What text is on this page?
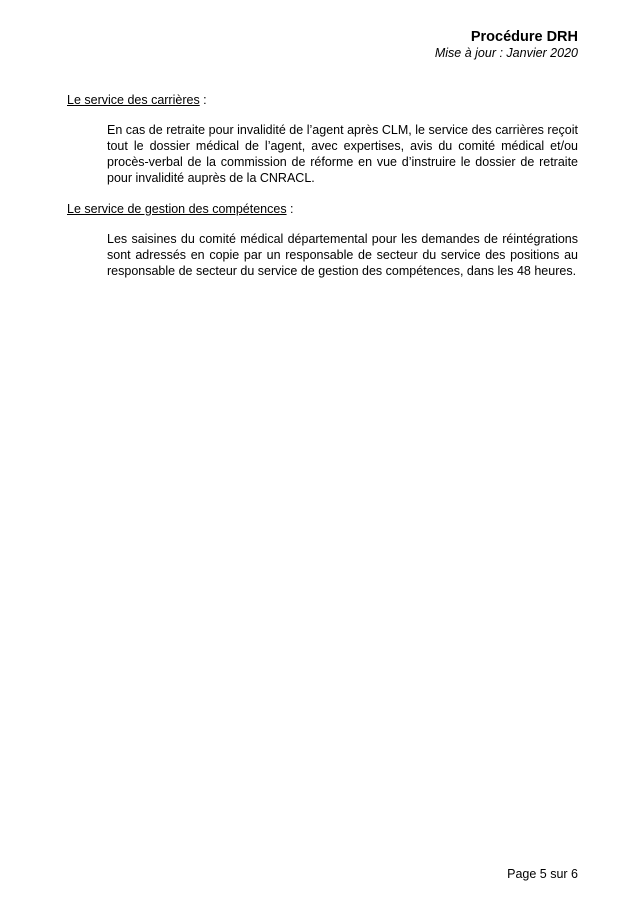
Procédure DRH
Mise à jour : Janvier 2020

Le service des carrières :

En cas de retraite pour invalidité de l’agent après CLM, le service des carrières reçoit tout le dossier médical de l’agent, avec expertises, avis du comité médical et/ou procès-verbal de la commission de réforme en vue d’instruire le dossier de retraite pour invalidité auprès de la CNRACL.

Le service de gestion des compétences :

Les saisines du comité médical départemental pour les demandes de réintégrations sont adressés en copie par un responsable de secteur du service des positions au responsable de secteur du service de gestion des compétences, dans les 48 heures.

Page 5 sur 6
